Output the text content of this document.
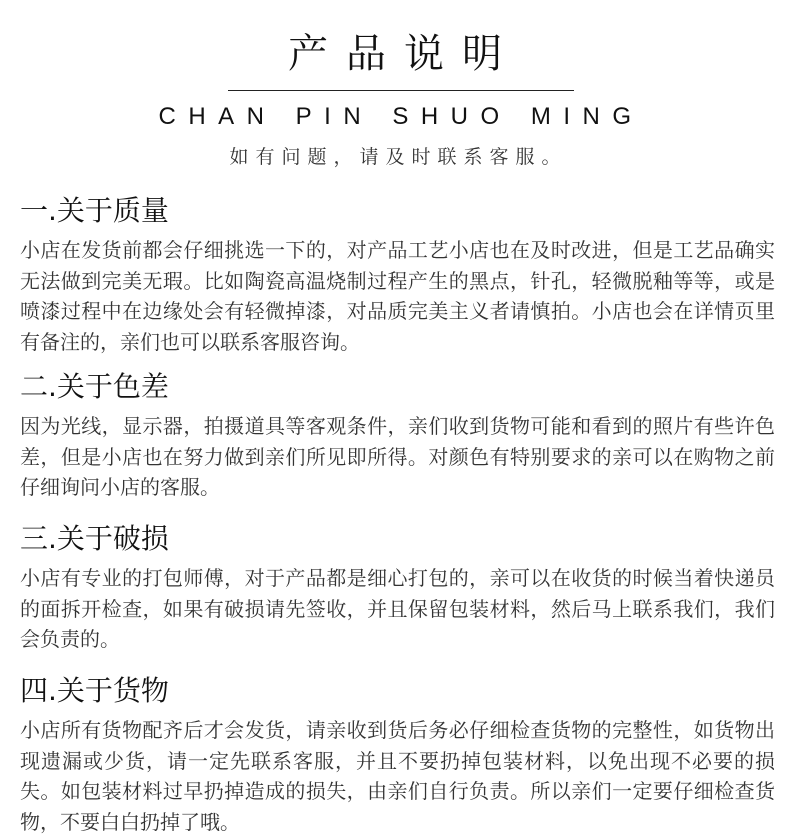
产品说明
CHAN PIN SHUO MING
如有问题，请及时联系客服。
一.关于质量

小店在发货前都会仔细挑选一下的，对产品工艺小店也在及时改进，但是工艺品确实无法做到完美无瑕。比如陶瓷高温烧制过程产生的黑点，针孔，轻微脱釉等等，或是喷漆过程中在边缘处会有轻微掉漆，对品质完美主义者请慎拍。小店也会在详情页里有备注的，亲们也可以联系客服咨询。

二.关于色差

因为光线，显示器，拍摄道具等客观条件，亲们收到货物可能和看到的照片有些许色差，但是小店也在努力做到亲们所见即所得。对颜色有特别要求的亲可以在购物之前仔细询问小店的客服。

三.关于破损

小店有专业的打包师傅，对于产品都是细心打包的，亲可以在收货的时候当着快递员的面拆开检查，如果有破损请先签收，并且保留包装材料，然后马上联系我们，我们会负责的。

四.关于货物

小店所有货物配齐后才会发货，请亲收到货后务必仔细检查货物的完整性，如货物出现遗漏或少货，请一定先联系客服，并且不要扔掉包装材料，以免出现不必要的损失。如包装材料过早扔掉造成的损失，由亲们自行负责。所以亲们一定要仔细检查货物，不要白白扔掉了哦。
